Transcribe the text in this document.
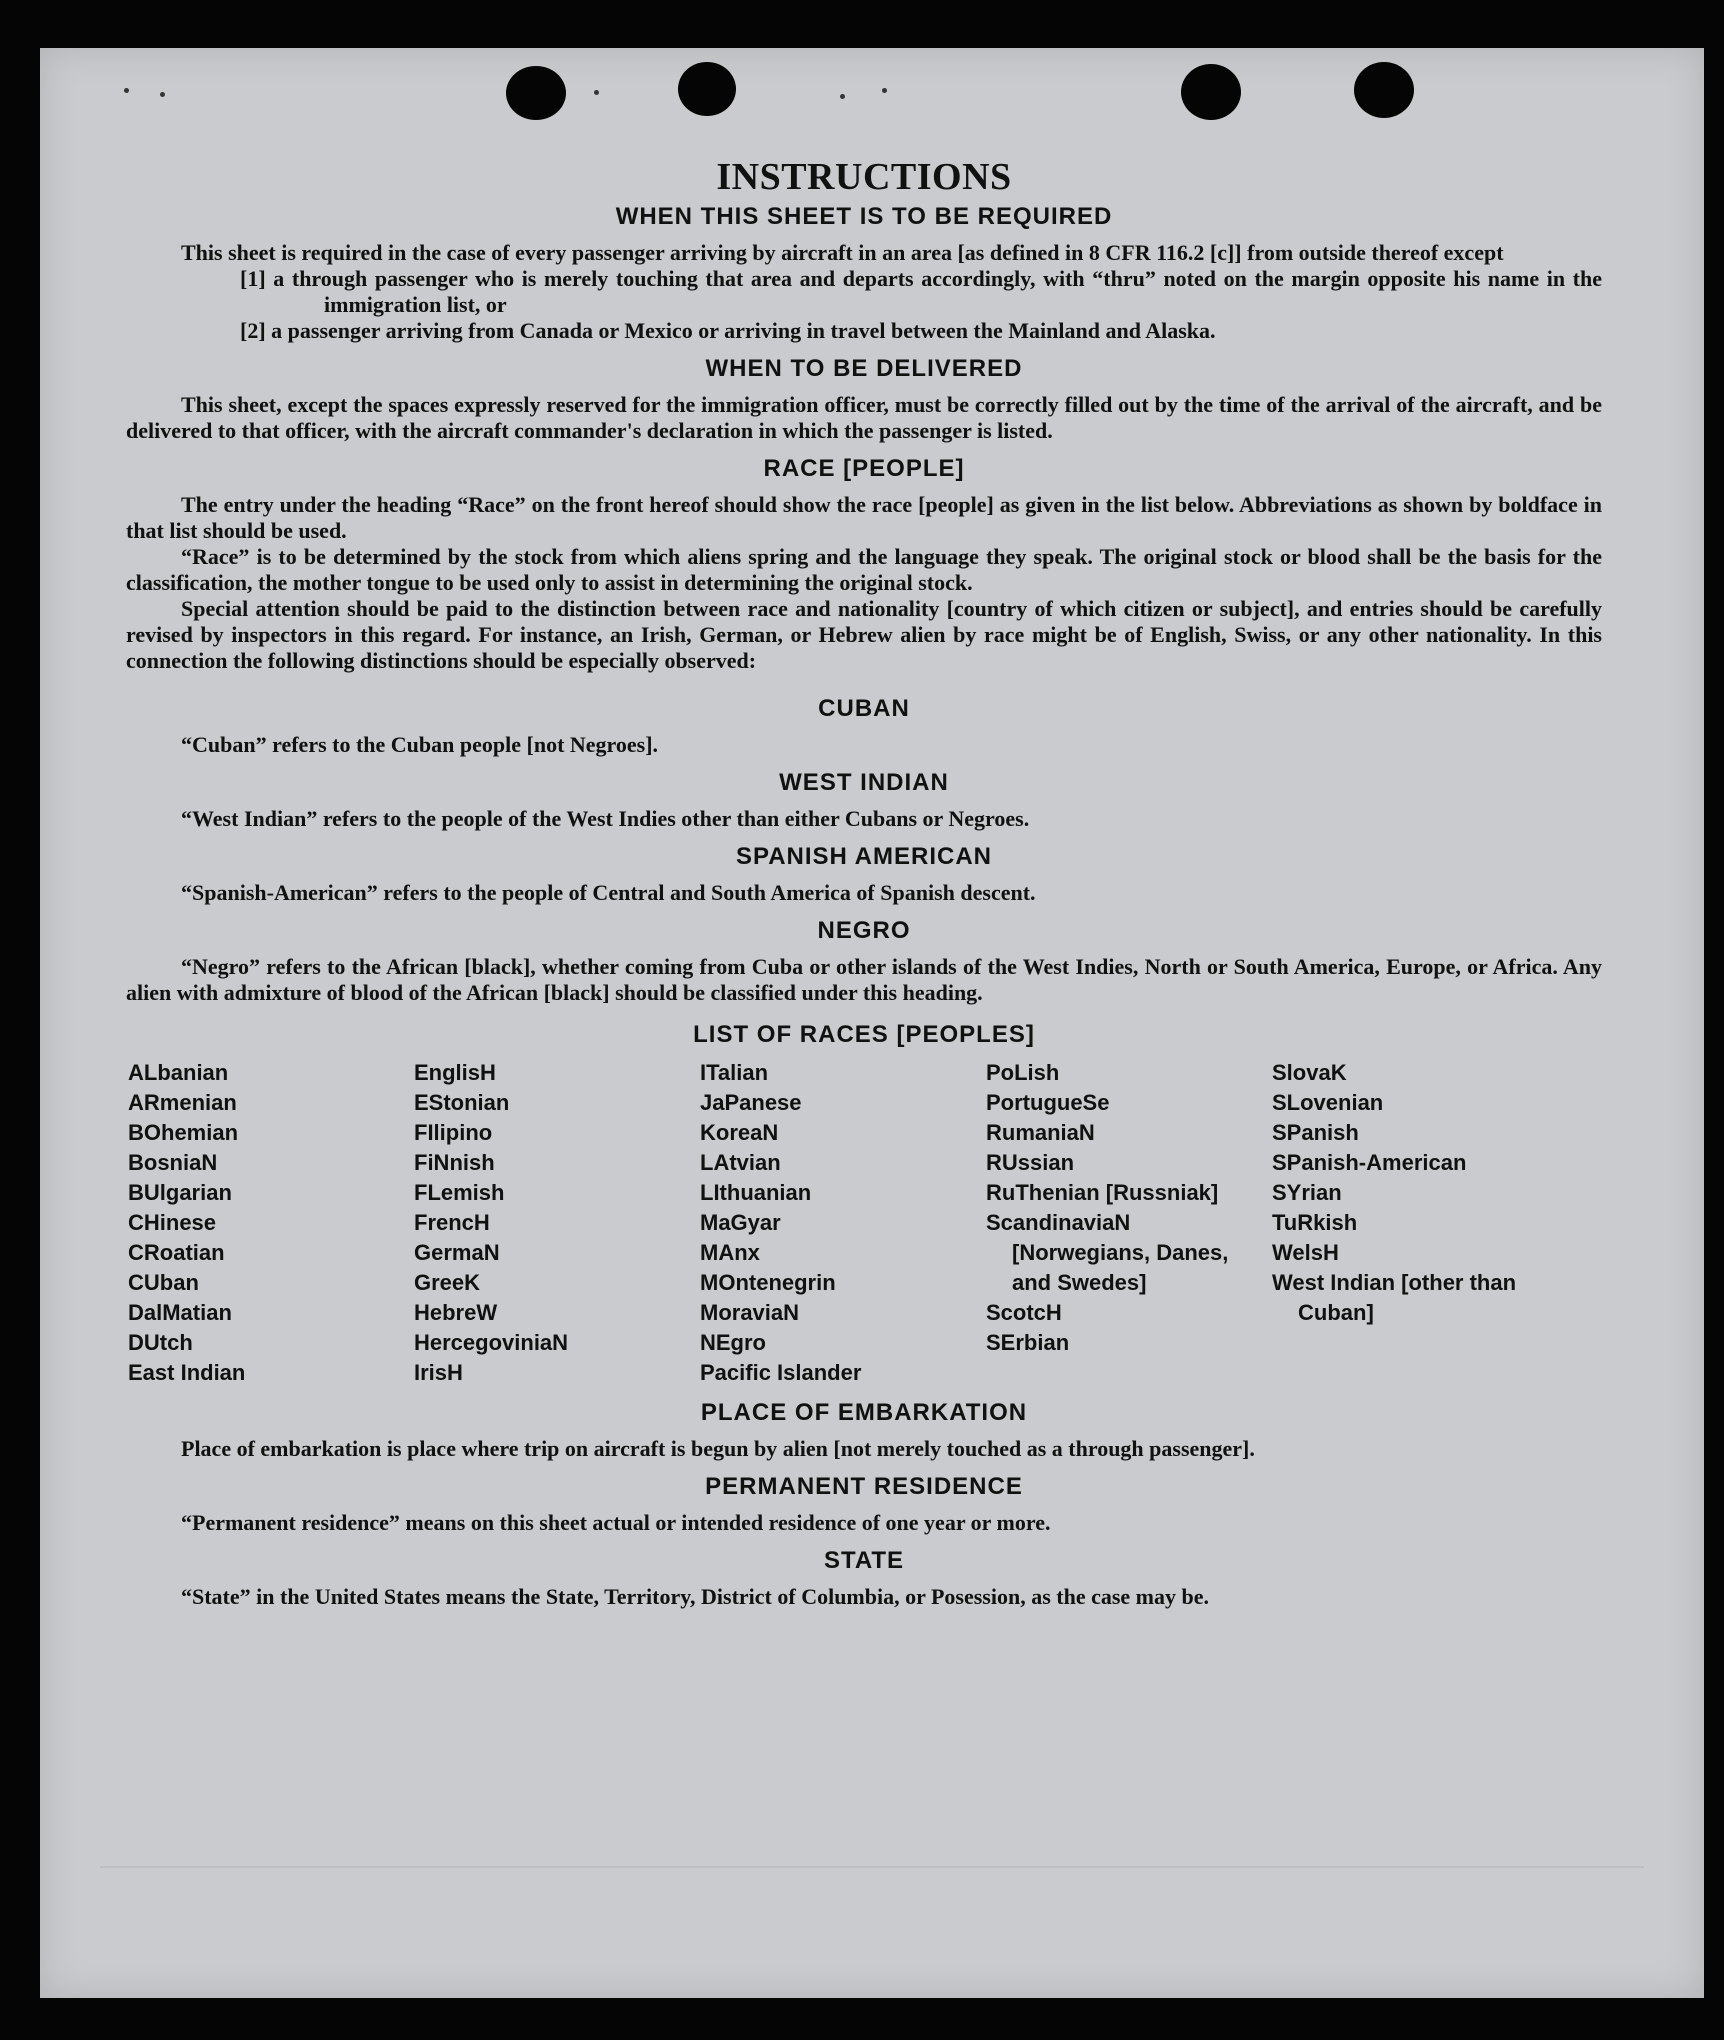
INSTRUCTIONS
WHEN THIS SHEET IS TO BE REQUIRED

This sheet is required in the case of every passenger arriving by aircraft in an area [as defined in 8 CFR 116.2 [c]] from outside thereof except

[1] a through passenger who is merely touching that area and departs accordingly, with “thru” noted on the margin opposite his name in the immigration list, or

[2] a passenger arriving from Canada or Mexico or arriving in travel between the Mainland and Alaska.

WHEN TO BE DELIVERED

This sheet, except the spaces expressly reserved for the immigration officer, must be correctly filled out by the time of the arrival of the aircraft, and be delivered to that officer, with the aircraft commander's declaration in which the passenger is listed.

RACE [PEOPLE]

The entry under the heading “Race” on the front hereof should show the race [people] as given in the list below. Abbreviations as shown by boldface in that list should be used.

“Race” is to be determined by the stock from which aliens spring and the language they speak. The original stock or blood shall be the basis for the classification, the mother tongue to be used only to assist in determining the original stock.

Special attention should be paid to the distinction between race and nationality [country of which citizen or subject], and entries should be carefully revised by inspectors in this regard. For instance, an Irish, German, or Hebrew alien by race might be of English, Swiss, or any other nationality. In this connection the following distinctions should be especially observed:

CUBAN

“Cuban” refers to the Cuban people [not Negroes].

WEST INDIAN

“West Indian” refers to the people of the West Indies other than either Cubans or Negroes.

SPANISH AMERICAN

“Spanish-American” refers to the people of Central and South America of Spanish descent.

NEGRO

“Negro” refers to the African [black], whether coming from Cuba or other islands of the West Indies, North or South America, Europe, or Africa. Any alien with admixture of blood of the African [black] should be classified under this heading.

LIST OF RACES [PEOPLES]
ALbanian
ARmenian
BOhemian
BosniaN
BUlgarian
CHinese
CRoatian
CUban
DalMatian
DUtch
East Indian
EnglisH
EStonian
FIlipino
FiNnish
FLemish
FrencH
GermaN
GreeK
HebreW
HercegoviniaN
IrisH
ITalian
JaPanese
KoreaN
LAtvian
LIthuanian
MaGyar
MAnx
MOntenegrin
MoraviaN
NEgro
Pacific Islander
PoLish
PortugueSe
RumaniaN
RUssian
RuThenian [Russniak]
ScandinaviaN [Norwegians, Danes, and Swedes]
ScotcH
SErbian
SlovaK
SLovenian
SPanish
SPanish-American
SYrian
TuRkish
WelsH
West Indian [other than Cuban]
PLACE OF EMBARKATION

Place of embarkation is place where trip on aircraft is begun by alien [not merely touched as a through passenger].

PERMANENT RESIDENCE

“Permanent residence” means on this sheet actual or intended residence of one year or more.

STATE

“State” in the United States means the State, Territory, District of Columbia, or Posession, as the case may be.
